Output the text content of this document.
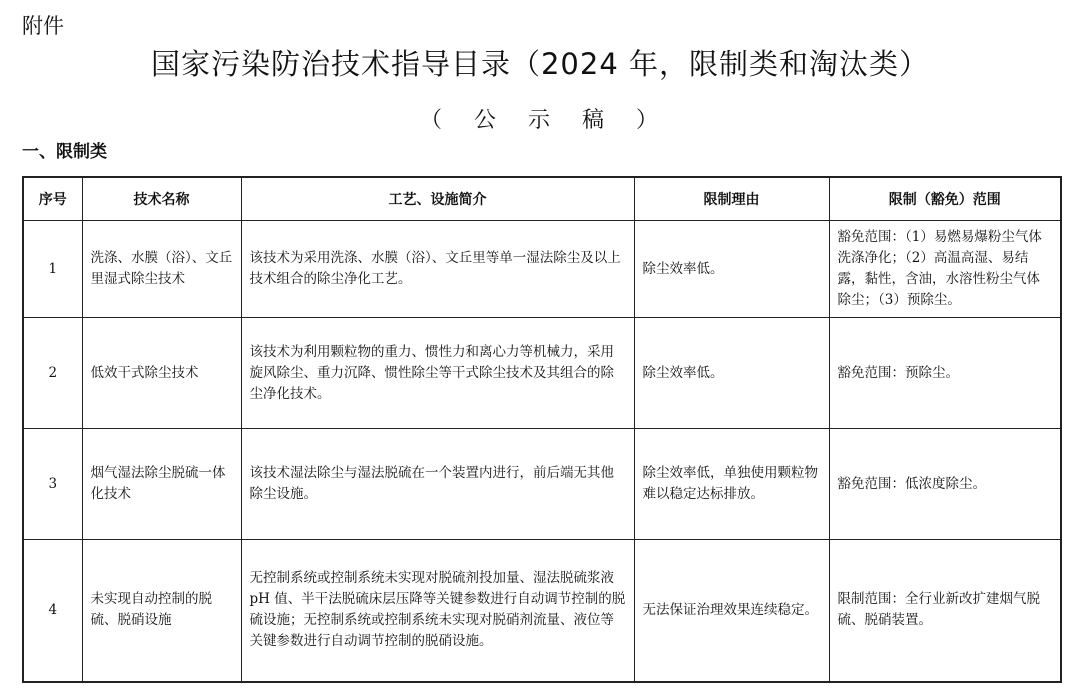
附件
国家污染防治技术指导目录（2024 年，限制类和淘汰类）
（公示稿）
一、限制类
序号	技术名称	工艺、设施简介	限制理由	限制（豁免）范围
1	洗涤、水膜（浴）、文丘里湿式除尘技术	该技术为采用洗涤、水膜（浴）、文丘里等单一湿法除尘及以上技术组合的除尘净化工艺。	除尘效率低。	豁免范围：（1）易燃易爆粉尘气体洗涤净化；（2）高温高湿、易结露，黏性，含油，水溶性粉尘气体除尘；（3）预除尘。
2	低效干式除尘技术	该技术为利用颗粒物的重力、惯性力和离心力等机械力，采用旋风除尘、重力沉降、惯性除尘等干式除尘技术及其组合的除尘净化技术。	除尘效率低。	豁免范围：预除尘。
3	烟气湿法除尘脱硫一体化技术	该技术湿法除尘与湿法脱硫在一个装置内进行，前后端无其他除尘设施。	除尘效率低，单独使用颗粒物难以稳定达标排放。	豁免范围：低浓度除尘。
4	未实现自动控制的脱硫、脱硝设施	无控制系统或控制系统未实现对脱硫剂投加量、湿法脱硫浆液 pH 值、半干法脱硫床层压降等关键参数进行自动调节控制的脱硫设施；无控制系统或控制系统未实现对脱硝剂流量、液位等关键参数进行自动调节控制的脱硝设施。	无法保证治理效果连续稳定。	限制范围：全行业新改扩建烟气脱硫、脱硝装置。
